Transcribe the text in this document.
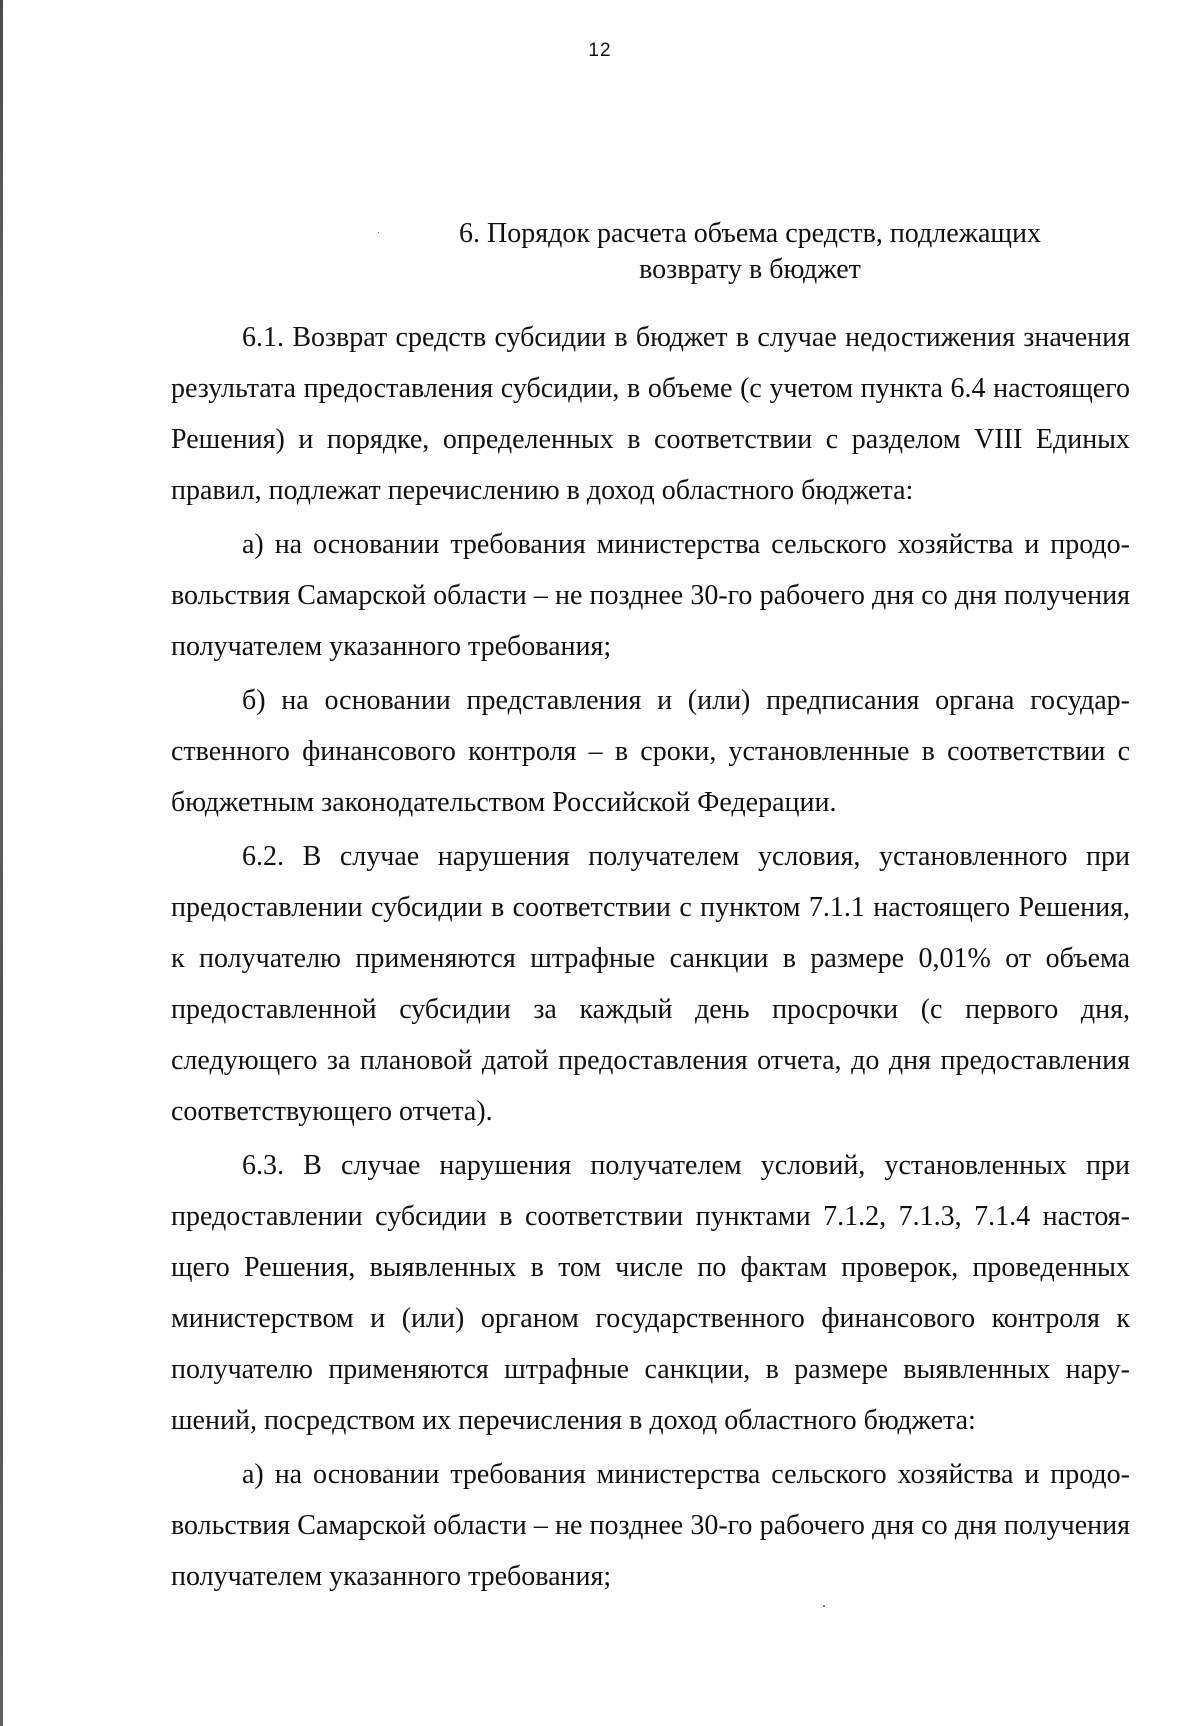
12
6. Порядок расчета объема средств, подлежащих
возврату в бюджет

6.1. Возврат средств субсидии в бюджет в случае недостижения значения результата предоставления субсидии, в объеме (с учетом пункта 6.4 настоящего Решения) и порядке, определенных в соответствии с разделом VIII Единых правил, подлежат перечислению в доход областного бюджета:

а) на основании требования министерства сельского хозяйства и продовольствия Самарской области – не позднее 30-го рабочего дня со дня получения получателем указанного требования;

б) на основании представления и (или) предписания органа государственного финансового контроля – в сроки, установленные в соответствии с бюджетным законодательством Российской Федерации.

6.2. В случае нарушения получателем условия, установленного при предоставлении субсидии в соответствии с пунктом 7.1.1 настоящего Решения, к получателю применяются штрафные санкции в размере 0,01% от объема предоставленной субсидии за каждый день просрочки (с первого дня, следующего за плановой датой предоставления отчета, до дня предоставления соответствующего отчета).

6.3. В случае нарушения получателем условий, установленных при предоставлении субсидии в соответствии пунктами 7.1.2, 7.1.3, 7.1.4 настоящего Решения, выявленных в том числе по фактам проверок, проведенных министерством и (или) органом государственного финансового контроля к получателю применяются штрафные санкции, в размере выявленных нарушений, посредством их перечисления в доход областного бюджета:

а) на основании требования министерства сельского хозяйства и продовольствия Самарской области – не позднее 30-го рабочего дня со дня получения получателем указанного требования;
